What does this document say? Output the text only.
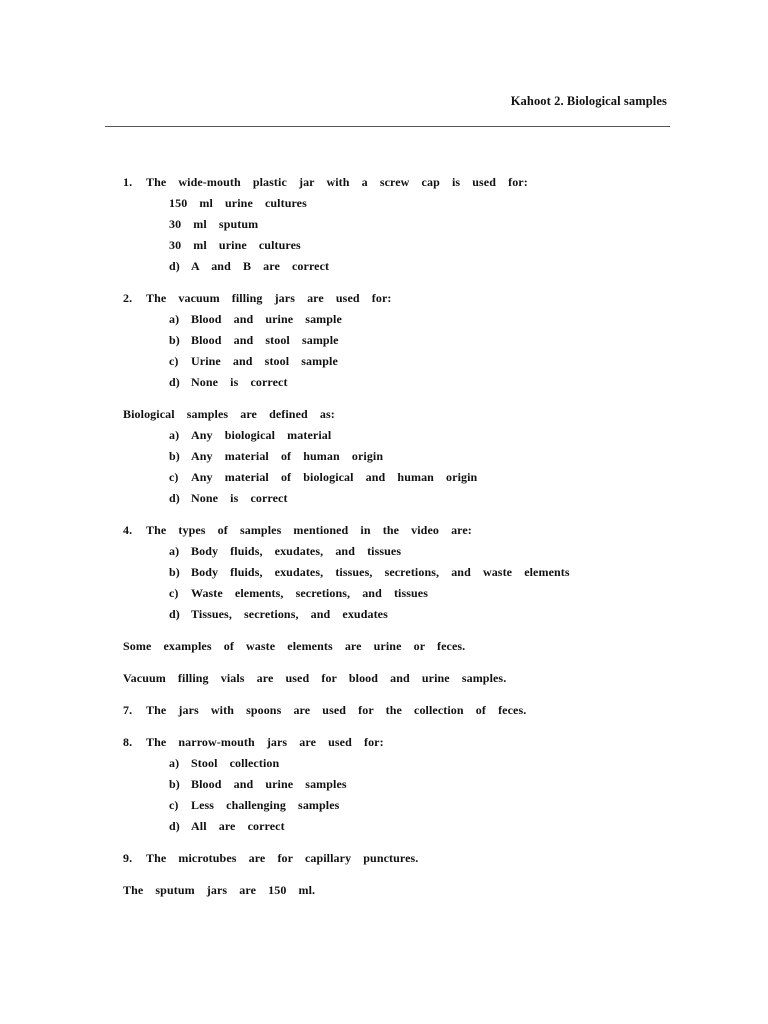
Kahoot 2. Biological samples
1. The wide-mouth plastic jar with a screw cap is used for:
150 ml urine cultures
30 ml sputum
30 ml urine cultures
d) A and B are correct
2. The vacuum filling jars are used for:
a) Blood and urine sample
b) Blood and stool sample
c) Urine and stool sample
d) None is correct
Biological samples are defined as:
a) Any biological material
b) Any material of human origin
c) Any material of biological and human origin
d) None is correct
4. The types of samples mentioned in the video are:
a) Body fluids, exudates, and tissues
b) Body fluids, exudates, tissues, secretions, and waste elements
c) Waste elements, secretions, and tissues
d) Tissues, secretions, and exudates
Some examples of waste elements are urine or feces.
Vacuum filling vials are used for blood and urine samples.
7. The jars with spoons are used for the collection of feces.
8. The narrow-mouth jars are used for:
a) Stool collection
b) Blood and urine samples
c) Less challenging samples
d) All are correct
9. The microtubes are for capillary punctures.
The sputum jars are 150 ml.
